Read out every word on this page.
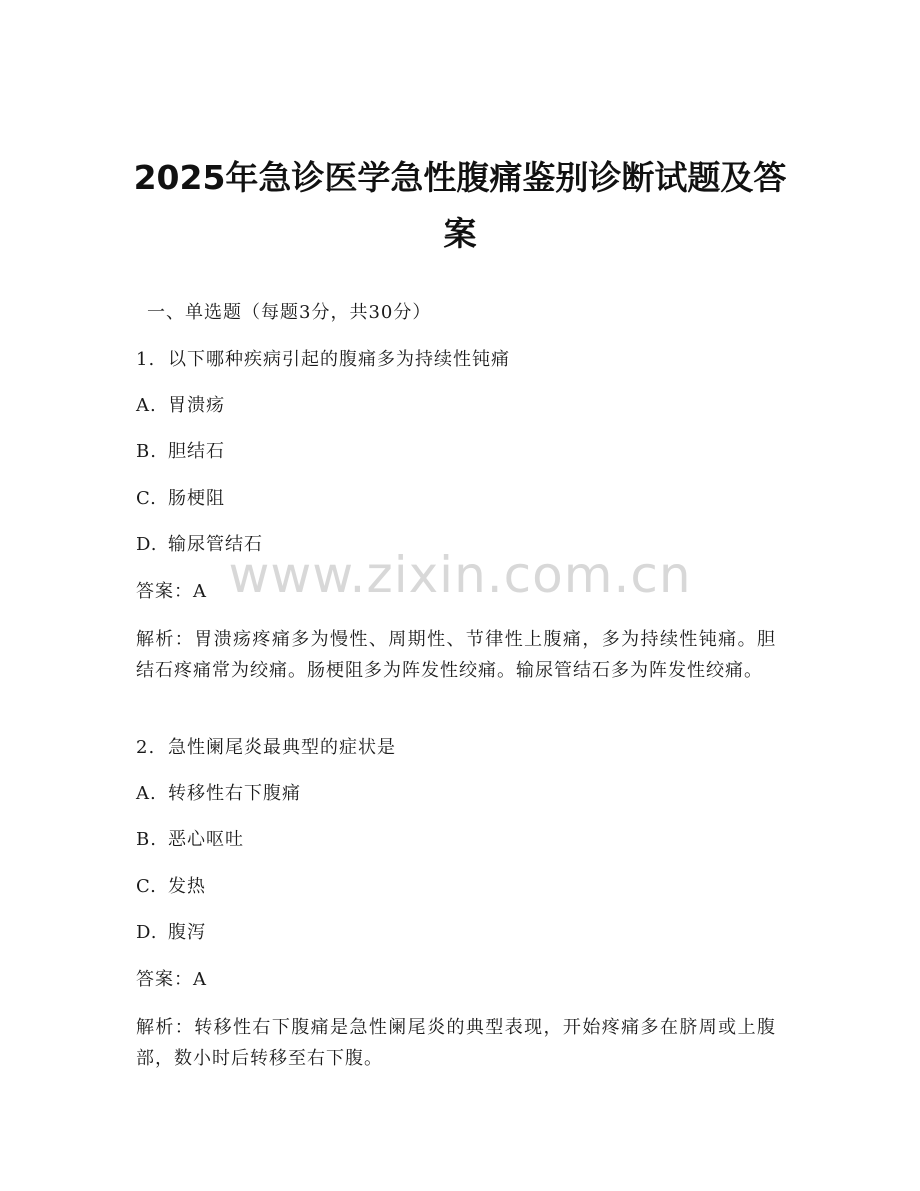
2025年急诊医学急性腹痛鉴别诊断试题及答案
一、单选题（每题3分，共30分）
1. 以下哪种疾病引起的腹痛多为持续性钝痛
A. 胃溃疡
B. 胆结石
C. 肠梗阻
D. 输尿管结石
答案：A
解析：胃溃疡疼痛多为慢性、周期性、节律性上腹痛，多为持续性钝痛。胆结石疼痛常为绞痛。肠梗阻多为阵发性绞痛。输尿管结石多为阵发性绞痛。
2. 急性阑尾炎最典型的症状是
A. 转移性右下腹痛
B. 恶心呕吐
C. 发热
D. 腹泻
答案：A
解析：转移性右下腹痛是急性阑尾炎的典型表现，开始疼痛多在脐周或上腹部，数小时后转移至右下腹。
www.zixin.com.cn
